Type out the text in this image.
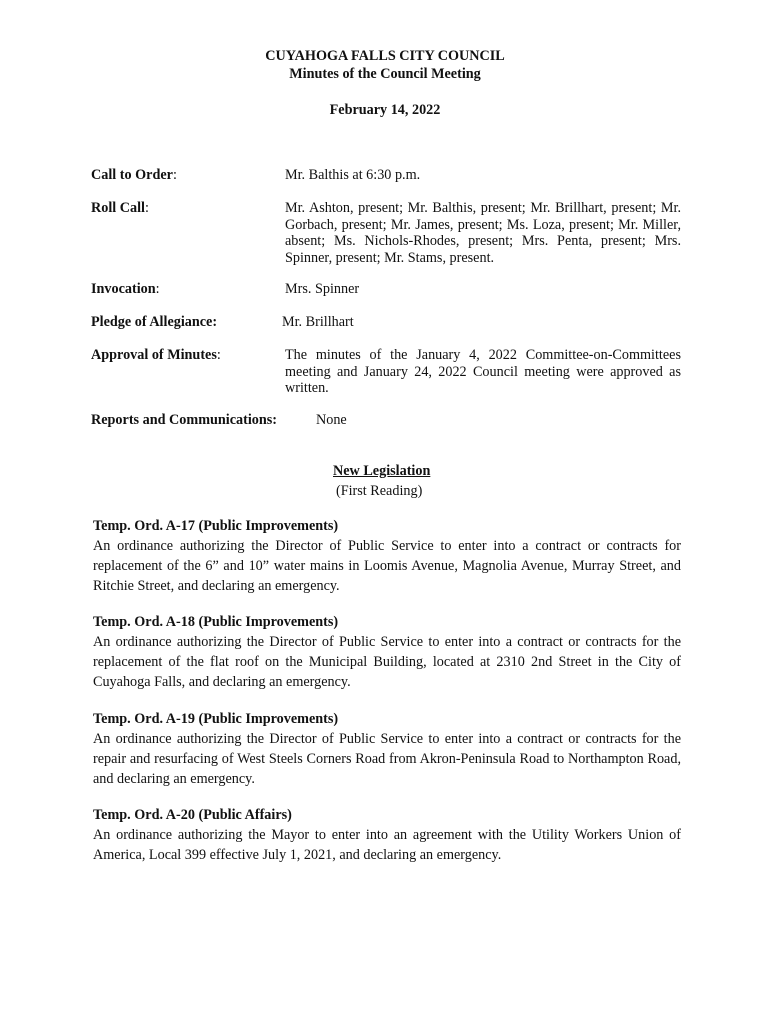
CUYAHOGA FALLS CITY COUNCIL
Minutes of the Council Meeting
February 14, 2022
Call to Order:	Mr. Balthis at 6:30 p.m.
Roll Call:	Mr. Ashton, present; Mr. Balthis, present; Mr. Brillhart, present; Mr. Gorbach, present; Mr. James, present; Ms. Loza, present; Mr. Miller, absent; Ms. Nichols-Rhodes, present; Mrs. Penta, present; Mrs. Spinner, present; Mr. Stams, present.
Invocation:	Mrs. Spinner
Pledge of Allegiance:	Mr. Brillhart
Approval of Minutes:	The minutes of the January 4, 2022 Committee-on-Committees meeting and January 24, 2022 Council meeting were approved as written.
Reports and Communications:	None
New Legislation
(First Reading)
Temp. Ord. A-17 (Public Improvements)
An ordinance authorizing the Director of Public Service to enter into a contract or contracts for replacement of the 6” and 10” water mains in Loomis Avenue, Magnolia Avenue, Murray Street, and Ritchie Street, and declaring an emergency.
Temp. Ord. A-18 (Public Improvements)
An ordinance authorizing the Director of Public Service to enter into a contract or contracts for the replacement of the flat roof on the Municipal Building, located at 2310 2nd Street in the City of Cuyahoga Falls, and declaring an emergency.
Temp. Ord. A-19 (Public Improvements)
An ordinance authorizing the Director of Public Service to enter into a contract or contracts for the repair and resurfacing of West Steels Corners Road from Akron-Peninsula Road to Northampton Road, and declaring an emergency.
Temp. Ord. A-20 (Public Affairs)
An ordinance authorizing the Mayor to enter into an agreement with the Utility Workers Union of America, Local 399 effective July 1, 2021, and declaring an emergency.
